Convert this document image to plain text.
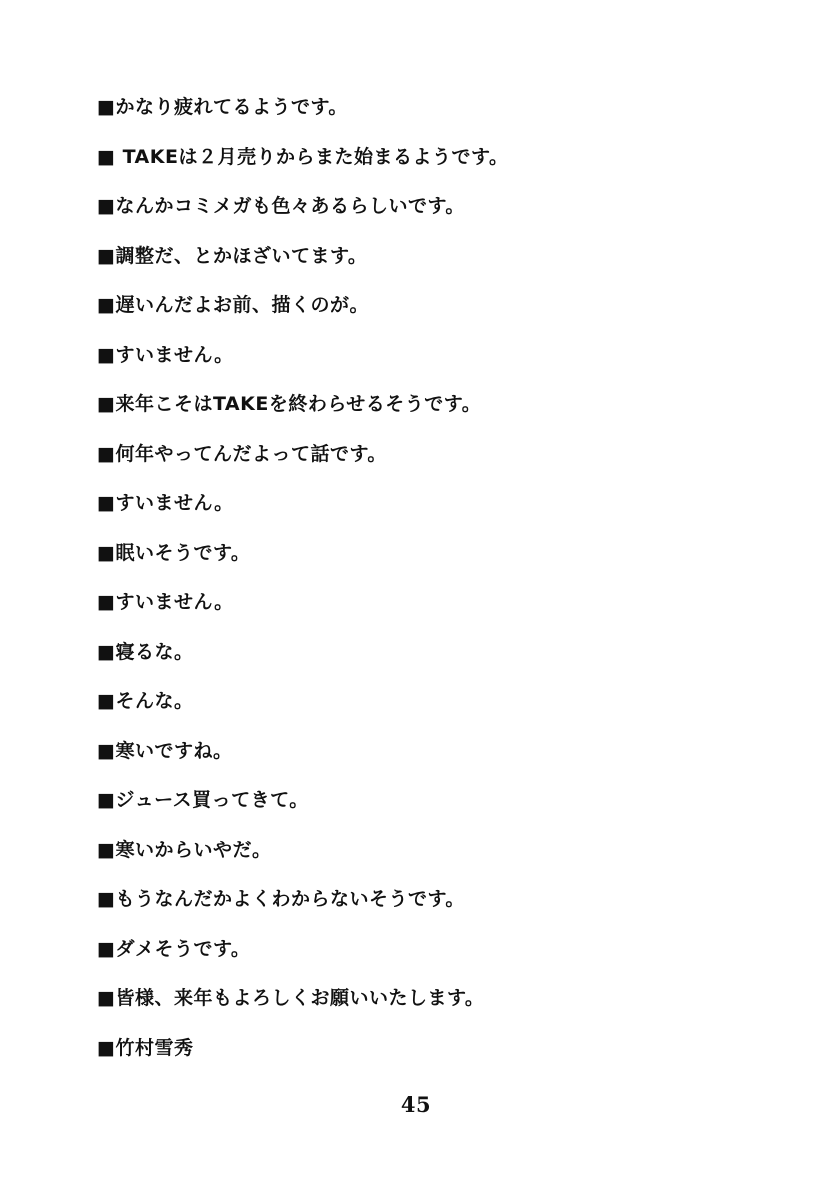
■かなり疲れてるようです。
■ TAKEは２月売りからまた始まるようです。
■なんかコミメガも色々あるらしいです。
■調整だ、とかほざいてます。
■遅いんだよお前、描くのが。
■すいません。
■来年こそはTAKEを終わらせるそうです。
■何年やってんだよって話です。
■すいません。
■眠いそうです。
■すいません。
■寝るな。
■そんな。
■寒いですね。
■ジュース買ってきて。
■寒いからいやだ。
■もうなんだかよくわからないそうです。
■ダメそうです。
■皆様、来年もよろしくお願いいたします。
■竹村雪秀
45
